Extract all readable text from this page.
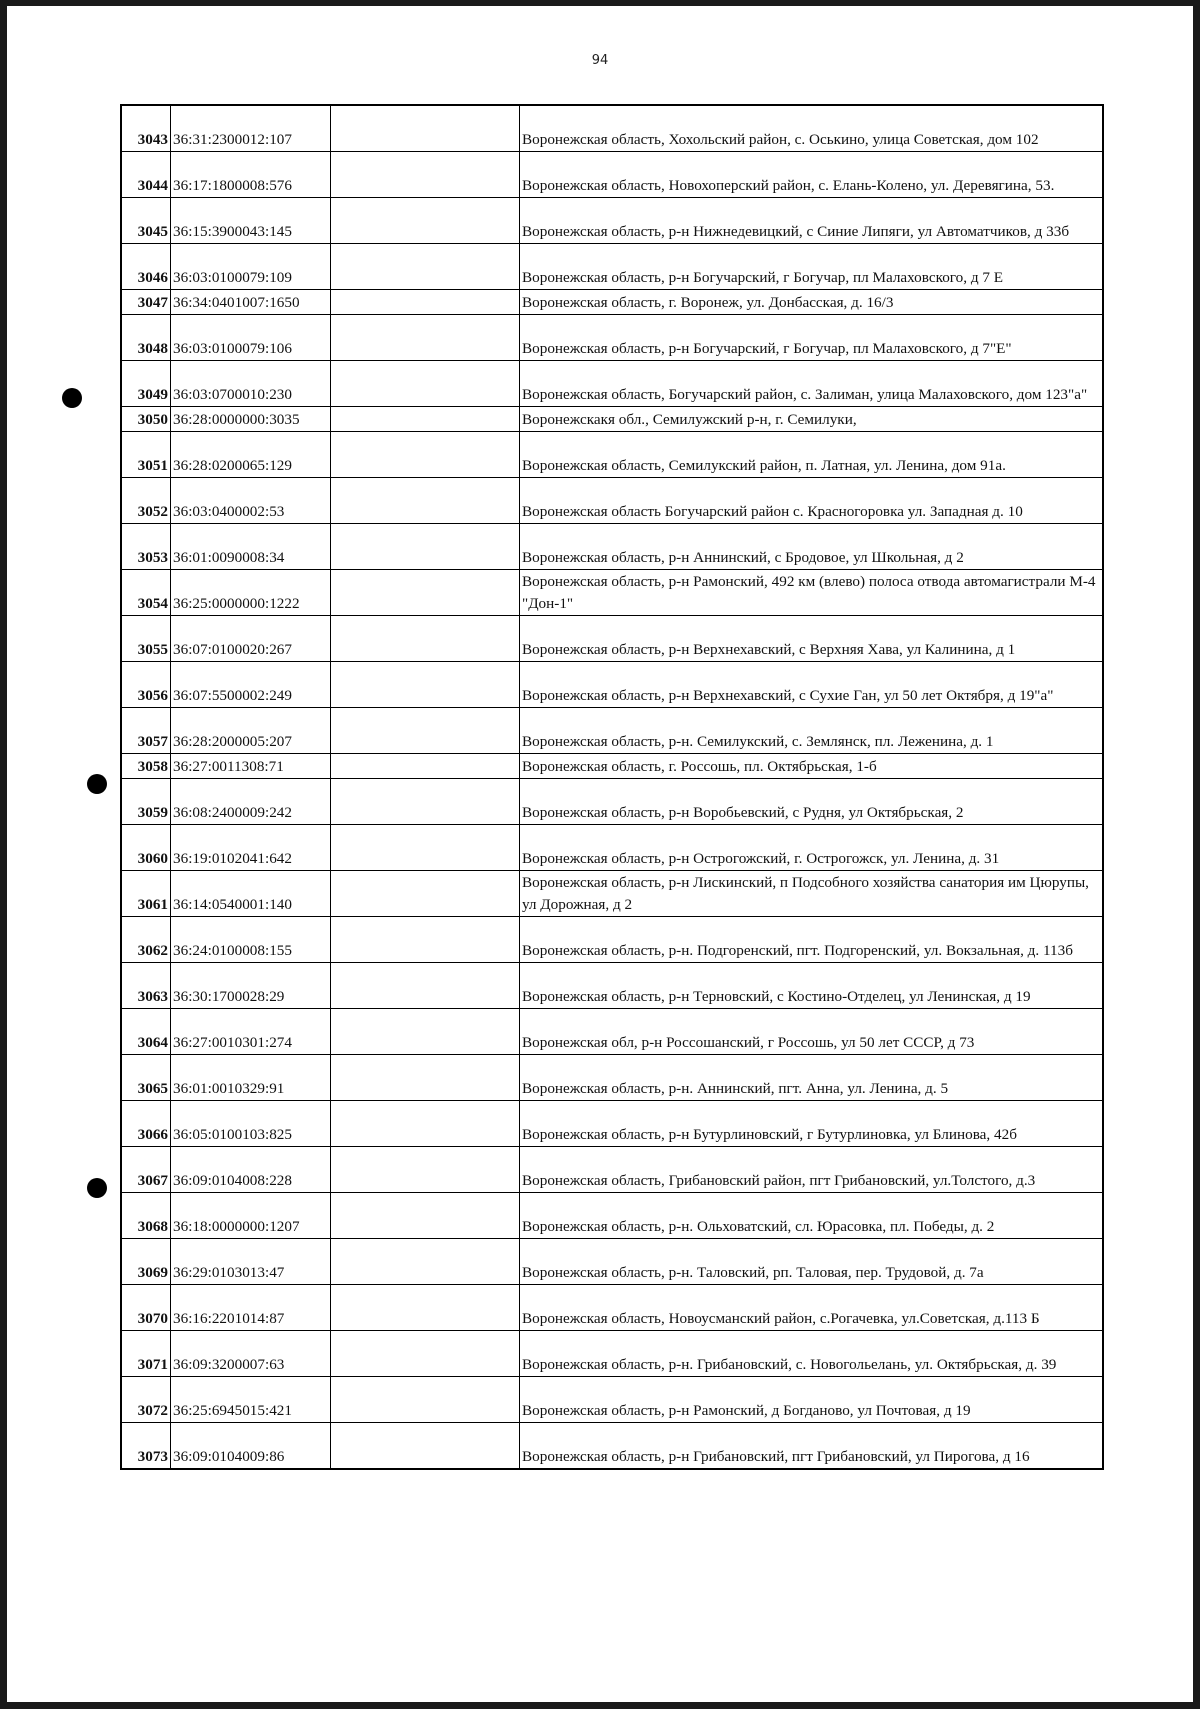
94
3043	36:31:2300012:107		Воронежская область, Хохольский район, с. Оськино, улица Советская, дом 102
3044	36:17:1800008:576		Воронежская область, Новохоперский район, с. Елань-Колено, ул. Деревягина, 53.
3045	36:15:3900043:145		Воронежская область, р-н Нижнедевицкий, с Синие Липяги, ул Автоматчиков, д 33б
3046	36:03:0100079:109		Воронежская область, р-н Богучарский, г Богучар, пл Малаховского, д 7 Е
3047	36:34:0401007:1650		Воронежская область, г. Воронеж, ул. Донбасская, д. 16/3
3048	36:03:0100079:106		Воронежская область, р-н Богучарский, г Богучар, пл Малаховского, д 7"Е"
3049	36:03:0700010:230		Воронежская область, Богучарский район, с. Залиман, улица Малаховского, дом 123"а"
3050	36:28:0000000:3035		Воронежскакя обл., Семилужский р-н, г. Семилуки,
3051	36:28:0200065:129		Воронежская область, Семилукский район, п. Латная, ул. Ленина, дом 91а.
3052	36:03:0400002:53		Воронежская область Богучарский район с. Красногоровка ул. Западная д. 10
3053	36:01:0090008:34		Воронежская область, р-н Аннинский, с Бродовое, ул Школьная, д 2
3054	36:25:0000000:1222		Воронежская область, р-н Рамонский, 492 км (влево) полоса отвода автомагистрали М-4 "Дон-1"
3055	36:07:0100020:267		Воронежская область, р-н Верхнехавский, с Верхняя Хава, ул Калинина, д 1
3056	36:07:5500002:249		Воронежская область, р-н Верхнехавский, с Сухие Ган, ул 50 лет Октября, д 19"а"
3057	36:28:2000005:207		Воронежская область, р-н. Семилукский, с. Землянск, пл. Леженина, д. 1
3058	36:27:0011308:71		Воронежская область, г. Россошь, пл. Октябрьская, 1-б
3059	36:08:2400009:242		Воронежская область, р-н Воробьевский, с Рудня, ул Октябрьская, 2
3060	36:19:0102041:642		Воронежская область, р-н Острогожский, г. Острогожск, ул. Ленина, д. 31
3061	36:14:0540001:140		Воронежская область, р-н Лискинский, п Подсобного хозяйства санатория им Цюрупы, ул Дорожная, д 2
3062	36:24:0100008:155		Воронежская область, р-н. Подгоренский, пгт. Подгоренский, ул. Вокзальная, д. 113б
3063	36:30:1700028:29		Воронежская область, р-н Терновский, с Костино-Отделец, ул Ленинская, д 19
3064	36:27:0010301:274		Воронежская обл, р-н Россошанский, г Россошь, ул 50 лет СССР, д 73
3065	36:01:0010329:91		Воронежская область, р-н. Аннинский, пгт. Анна, ул. Ленина, д. 5
3066	36:05:0100103:825		Воронежская область, р-н Бутурлиновский, г Бутурлиновка, ул Блинова, 42б
3067	36:09:0104008:228		Воронежская область, Грибановский район, пгт Грибановский, ул.Толстого, д.3
3068	36:18:0000000:1207		Воронежская область, р-н. Ольховатский, сл. Юрасовка, пл. Победы, д. 2
3069	36:29:0103013:47		Воронежская область, р-н. Таловский, рп. Таловая, пер. Трудовой, д. 7а
3070	36:16:2201014:87		Воронежская область, Новоусманский район, с.Рогачевка, ул.Советская, д.113 Б
3071	36:09:3200007:63		Воронежская область, р-н. Грибановский, с. Новогольелань, ул. Октябрьская, д. 39
3072	36:25:6945015:421		Воронежская область, р-н Рамонский, д Богданово, ул Почтовая, д 19
3073	36:09:0104009:86		Воронежская область, р-н Грибановский, пгт Грибановский, ул Пирогова, д 16
